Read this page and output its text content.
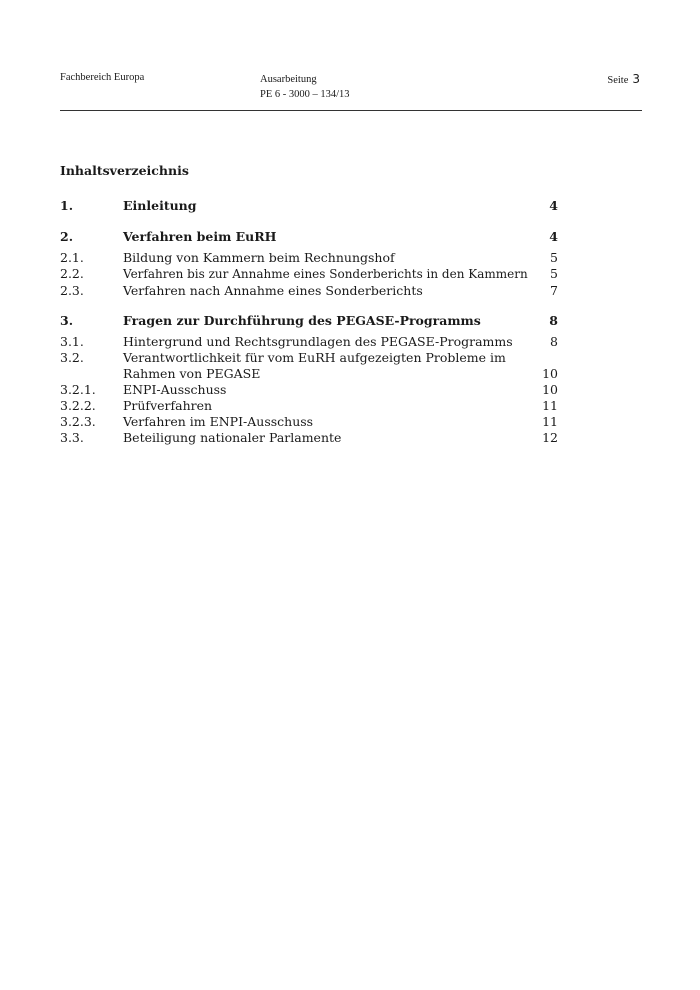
Fachbereich Europa	Ausarbeitung
PE 6 - 3000 – 134/13
Seite 3
Inhaltsverzeichnis
1.	Einleitung	4
2.	Verfahren beim EuRH	4
2.1.	Bildung von Kammern beim Rechnungshof	5
2.2.	Verfahren bis zur Annahme eines Sonderberichts in den Kammern 5
2.3.	Verfahren nach Annahme eines Sonderberichts	7
3.	Fragen zur Durchführung des PEGASE-Programms	8
3.1.	Hintergrund und Rechtsgrundlagen des PEGASE-Programms	8
3.2.	Verantwortlichkeit für vom EuRH aufgezeigten Probleme im
Rahmen von PEGASE	10
3.2.1. ENPI-Ausschuss	10
3.2.2. Prüfverfahren	11
3.2.3. Verfahren im ENPI-Ausschuss	11
3.3.	Beteiligung nationaler Parlamente	12
